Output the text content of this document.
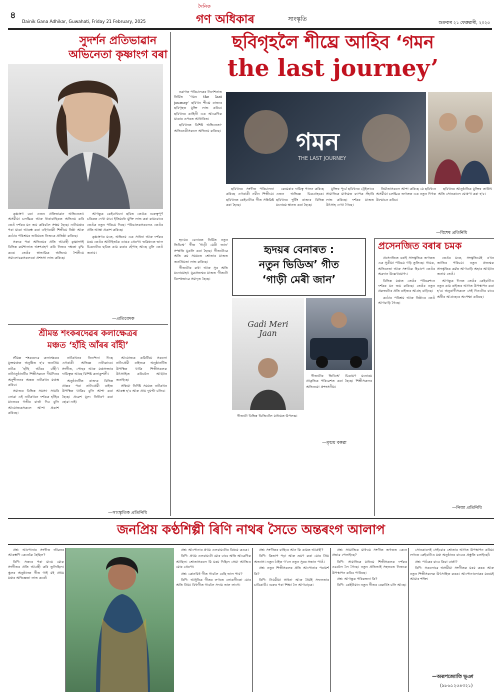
৪
Dainik Gana Adhikar, Guwahati, Friday 21 February, 2025
দৈনিক
গণ অধিকাৰ	সাংস্কৃতি
শুক্ৰবাৰ ২১ ফেব্ৰুৱাৰী, ২০২৫
সুদৰ্শন প্ৰতিভাৱান
অভিনেতা কৃষ্ণাংগ বৰা

কৃষ্ণাংগ বৰা এজন প্ৰতিভাৱান অভিনেতা। অসমীয়া চলচ্চিত্ৰ আৰু ধাৰাবাহিকত অভিনয় কৰি তেওঁ দৰ্শকৰ মন জয় কৰিবলৈ সক্ষম হৈছে। নাট্যমঞ্চৰ পৰা যাত্ৰা আৰম্ভ কৰা এইগৰাকী শিল্পীয়ে নিষ্ঠা আৰু কঠোৰ পৰিশ্ৰমৰ জৰিয়তে নিজকে প্ৰতিষ্ঠা কৰিছে।

সৰুৰে পৰা অভিনয়ৰ প্ৰতি আগ্ৰহী কৃষ্ণাংগই বিভিন্ন কৰ্মশালাত অংশগ্ৰহণ কৰি নিজৰ দক্ষতা বৃদ্ধি কৰে। তেওঁৰ স্বাভাৱিক অভিনয় শৈলীয়ে সমালোচকসকলৰো প্ৰশংসা লাভ কৰিছে।

আগন্তুক কেইবাখনো ছবিত তেওঁক গুৰুত্বপূৰ্ণ চৰিত্ৰত দেখা যাব। ইতিমধ্যে মুক্তি লাভ কৰা কামবোৰে তেওঁক নতুন পৰিচয় দিছে। পৰিচালকসকলেও তেওঁৰ প্ৰতি আস্থা প্ৰকাশ কৰিছে।

কৃষ্ণাংগৰ মতে, অভিনয় এক সাধনা আৰু দৰ্শকৰ মৰম তেওঁৰ আটাইতকৈ ডাঙৰ প্ৰেৰণা। ভৱিষ্যতে ভাল চিত্ৰনাট্যৰ ছবিত কাম কৰাৰ হেঁপাহ আছে বুলি তেওঁ জনায়।

—প্ৰতিবেদক
শ্ৰীমন্ত শংকৰদেৱৰ কলাক্ষেত্ৰৰ
মঞ্চত ‘হাঁহি আঁৰৰ বাঁহী’

শ্ৰীমন্ত শংকৰদেৱ কলাক্ষেত্ৰৰ মুক্তমঞ্চত অনুষ্ঠিত হ'ব জনপ্ৰিয় নাটক ‘হাঁহি আঁৰৰ বাঁহী’। নাট্যানুষ্ঠানটিৰ শিল্পীসকলে দীৰ্ঘদিনৰ অনুশীলনৰ অন্তত নাটকখন মঞ্চস্থ কৰিব।

সমাজৰ বিভিন্ন সমস্যা সামৰি লোৱা এই নাটকখনে দৰ্শকক হাঁহিৰ মাজেৰে গভীৰ বাৰ্তা দিব বুলি আয়োজকসকলে আশা প্ৰকাশ কৰিছে।

নাটকখনৰ নিৰ্দেশনা দিছে এগৰাকী অভিজ্ঞ নাট্যকাৰে। সংগীত, পোহৰ আৰু মঞ্চসজ্জাৰ দায়িত্বত আছে বিশিষ্ট কলাকুশলী।

অনুষ্ঠানটিত ৰাজ্যৰ বিভিন্ন প্ৰান্তৰ পৰা নাট্যপ্ৰেমী ৰাইজ উপস্থিত থাকিব বুলি আশা কৰা হৈছে। প্ৰৱেশ মূল্য নিৰ্ধাৰণ কৰা হোৱা নাই।

আয়োজক কমিটিয়ে সকলো নাট্যপ্ৰেমী ৰাইজক অনুষ্ঠানটিত উপস্থিত থাকি শিল্পীসকলক উৎসাহিত কৰিবলৈ আহ্বান জনাইছে।

সন্ধিয়া নিৰ্দিষ্ট সময়ত নাটকখন আৰম্ভ হ'ব আৰু প্ৰায় দুঘণ্টা চলিব।

—সাংস্কৃতিক প্ৰতিনিধি
ছবিগৃহলৈ শীঘ্ৰে আহিব ‘গমন
the last journey’

নৱাগত পৰিচালকৰ নিৰ্দেশনাত নিৰ্মিত ‘গমন the last journey’ ছবিখন শীঘ্ৰে ৰাজ্যৰ ছবিগৃহত মুক্তি লাভ কৰিব। ছবিখনৰ কাহিনী এক আৱেগিক যাত্ৰাৰ ওপৰত আধাৰিত।

ছবিখনত বিশিষ্ট অভিনেতা-অভিনেত্ৰীসকলে অভিনয় কৰিছে।	গমন
THE LAST JOURNEY

ছবিখনৰ সংগীত পৰিচালনা কৰিছে এগৰাকী নবীন শিল্পীয়ে। ছবিখনত কেইবাটাও গীত সন্নিৱিষ্ট কৰা হৈছে।

কেমেৰাৰ দায়িত্ব পালন কৰিছে এজন অভিজ্ঞ চিত্ৰগ্ৰাহকে। ছবিখনৰ শ্বুটিং ৰাজ্যৰ বিভিন্ন মনোৰম স্থানত কৰা হৈছে।

মুক্তিৰ পূৰ্বে ছবিখনৰ ট্ৰেইলাৰে সামাজিক মাধ্যমত ব্যাপক সঁহাৰি লাভ কৰিছে। দৰ্শকৰ মাজত উৎসাহ দেখা গৈছে।

নিৰ্মাতাসকলে আশা কৰিছে যে ছবিখনে অসমীয়া চলচ্চিত্ৰ জগতত এক নতুন দিগন্ত উন্মোচন কৰিব।

ছবিখনৰ আনুষ্ঠানিক মুক্তিৰ তাৰিখ অতি সোনকালে ঘোষণা কৰা হ'ব।

—বিশেষ প্ৰতিনিধি
হৃদয়ৰ বেনাৰত :
নতুন ভিডিঅ’ গীত
‘গাড়ী মেৰী জান’

হৃদয়ৰ বেনাৰত নিৰ্মিত নতুন ভিডিঅ’ গীত ‘গাড়ী মেৰী জান’ সম্প্ৰতি মুকলি কৰা হৈছে। গীতটোৱে অতি কম সময়তে শ্ৰোতাৰ মাজত জনপ্ৰিয়তা লাভ কৰিছে।

গীতটোৰ কথা আৰু সুৰ অতি মনোমোহা। যুৱপ্ৰজন্মৰ মাজত গীতটো বিশেষভাৱে সমাদৃত হৈছে।

Gadi Meri Jaan

গীতটোৰ ভিডিঅ’ চিত্ৰায়ণ মনোৰম প্ৰাকৃতিক পৰিৱেশত কৰা হৈছে। শিল্পীসকলৰ অভিনয়ো প্ৰশংসনীয়।

গীতটো বিভিন্ন ডিজিটেল মাধ্যমত উপলব্ধ।

—মৃণ্ময় বৰুৱা
প্ৰসেনজিত বৰাৰ চমক

প্ৰসেনজিত বৰাই সাংস্কৃতিক জগতত এক সুকীয়া পৰিচয় গঢ়ি তুলিছে। গায়ক, অভিনেতা আৰু সংগঠক হিচাপে তেওঁৰ অৱদান উল্লেখযোগ্য।

বিভিন্ন মঞ্চত তেওঁৰ পৰিৱেশনে দৰ্শকৰ মন জয় কৰিছে। তেওঁৰ নতুন প্ৰকল্পটোৰ প্ৰতি ৰাইজৰ আগ্ৰহ বাঢ়িছে।

কঠোৰ পৰিশ্ৰম আৰু নিষ্ঠাৰে তেওঁ আগবাঢ়ি গৈছে।

তেওঁৰ মতে, সংস্কৃতিয়েই এখন জাতিৰ পৰিচয়। নতুন প্ৰজন্মক সাংস্কৃতিক কৰ্মত আগবাঢ়ি অহাৰ আহ্বান জনায় তেওঁ।

আগন্তুক দিনত তেওঁৰ কেইবাটাও নতুন কাম ৰাইজৰ আগত উপস্থাপন কৰা হ'ব। অনুৰাগীসকলে সেই দিনটোৰ বাবে অধীৰ আগ্ৰহেৰে অপেক্ষা কৰিছে।

—নিজা প্ৰতিনিধি
জনপ্ৰিয় কণ্ঠশিল্পী ৰিণি নাথৰ সৈতে অন্তৰংগ আলাপ

প্ৰশ্ন: আপোনাৰ সংগীত জীৱনৰ আৰম্ভণি কেনেকৈ হৈছিল?

ৰিণি: সৰুৰে পৰা মায়ে মোক সংগীতৰ প্ৰতি আগ্ৰহী কৰি তুলিছিল। স্কুলৰ অনুষ্ঠানত গীত গাই মই প্ৰথম মঞ্চৰ অভিজ্ঞতা লাভ কৰোঁ।

প্ৰশ্ন: আপোনাৰ প্ৰথম এলবামটোৰ বিষয়ে কওক।

ৰিণি: প্ৰথম এলবামটো মোৰ বাবে অতি আৱেগিক আছিল। শ্ৰোতাসকলে যি মৰম দিছিল সেয়া আজিও মোৰ প্ৰেৰণা।

প্ৰশ্ন: কোনবিধ গীত গাবলৈ বেছি ভাল পায়?

ৰিণি: আধুনিক গীতৰ লগতে লোকগীতো মোৰ অতি প্ৰিয়। বিহুগীত গাবলৈ সদায় ভাল লাগে।

প্ৰশ্ন: সংগীতৰ বাহিৰে আন কি কামত আগ্ৰহী?

ৰিণি: কিতাপ পঢ়া আৰু ভ্ৰমণ কৰা মোৰ প্ৰিয় অভ্যাস। নতুন ঠাইত গ'লে নতুন সুৰৰ সন্ধান পাওঁ।

প্ৰশ্ন: নতুন শিল্পীসকলৰ প্ৰতি আপোনাৰ পৰামৰ্শ কি?

ৰিণি: নিয়মীয়া সাধনা আৰু ধৈৰ্যই সফলতাৰ চাবিকাঠি। গুৰুৰ পৰা শিক্ষা লৈ আগবাঢ়ক।

প্ৰশ্ন: সামাজিক মাধ্যমে সংগীত জগতত কেনে প্ৰভাৱ পেলাইছে?

ৰিণি: সামাজিক মাধ্যমে শিল্পীসকলক দৰ্শকৰ ওচৰলৈ লৈ গৈছে। নতুন প্ৰতিভাই সহজতে নিজকে উপস্থাপন কৰিব পাৰিছে।

প্ৰশ্ন: আগন্তুক পৰিকল্পনা কি?

ৰিণি: কেইটামান নতুন গীতৰ ৰেকৰ্ডিং চলি আছে।

সোনকালেই সেইবোৰ শ্ৰোতাৰ আগত উপস্থাপন কৰিম। লগতে কেইবাটাও মঞ্চ অনুষ্ঠানৰ বাবেও প্ৰস্তুতি চলাইছোঁ।

প্ৰশ্ন: পাঠকৰ বাবে কিবা বাৰ্তা?

ৰিণি: সকলোৱে অসমীয়া সংগীতক মৰম কৰক আৰু নতুন শিল্পীসকলক উৎসাহিত কৰক। আপোনালোকৰ মৰমেই আমাৰ শক্তি।

—অৰূপজ্যোতি ভূঞা
(৯৮৬১২৫৪৩২১)
